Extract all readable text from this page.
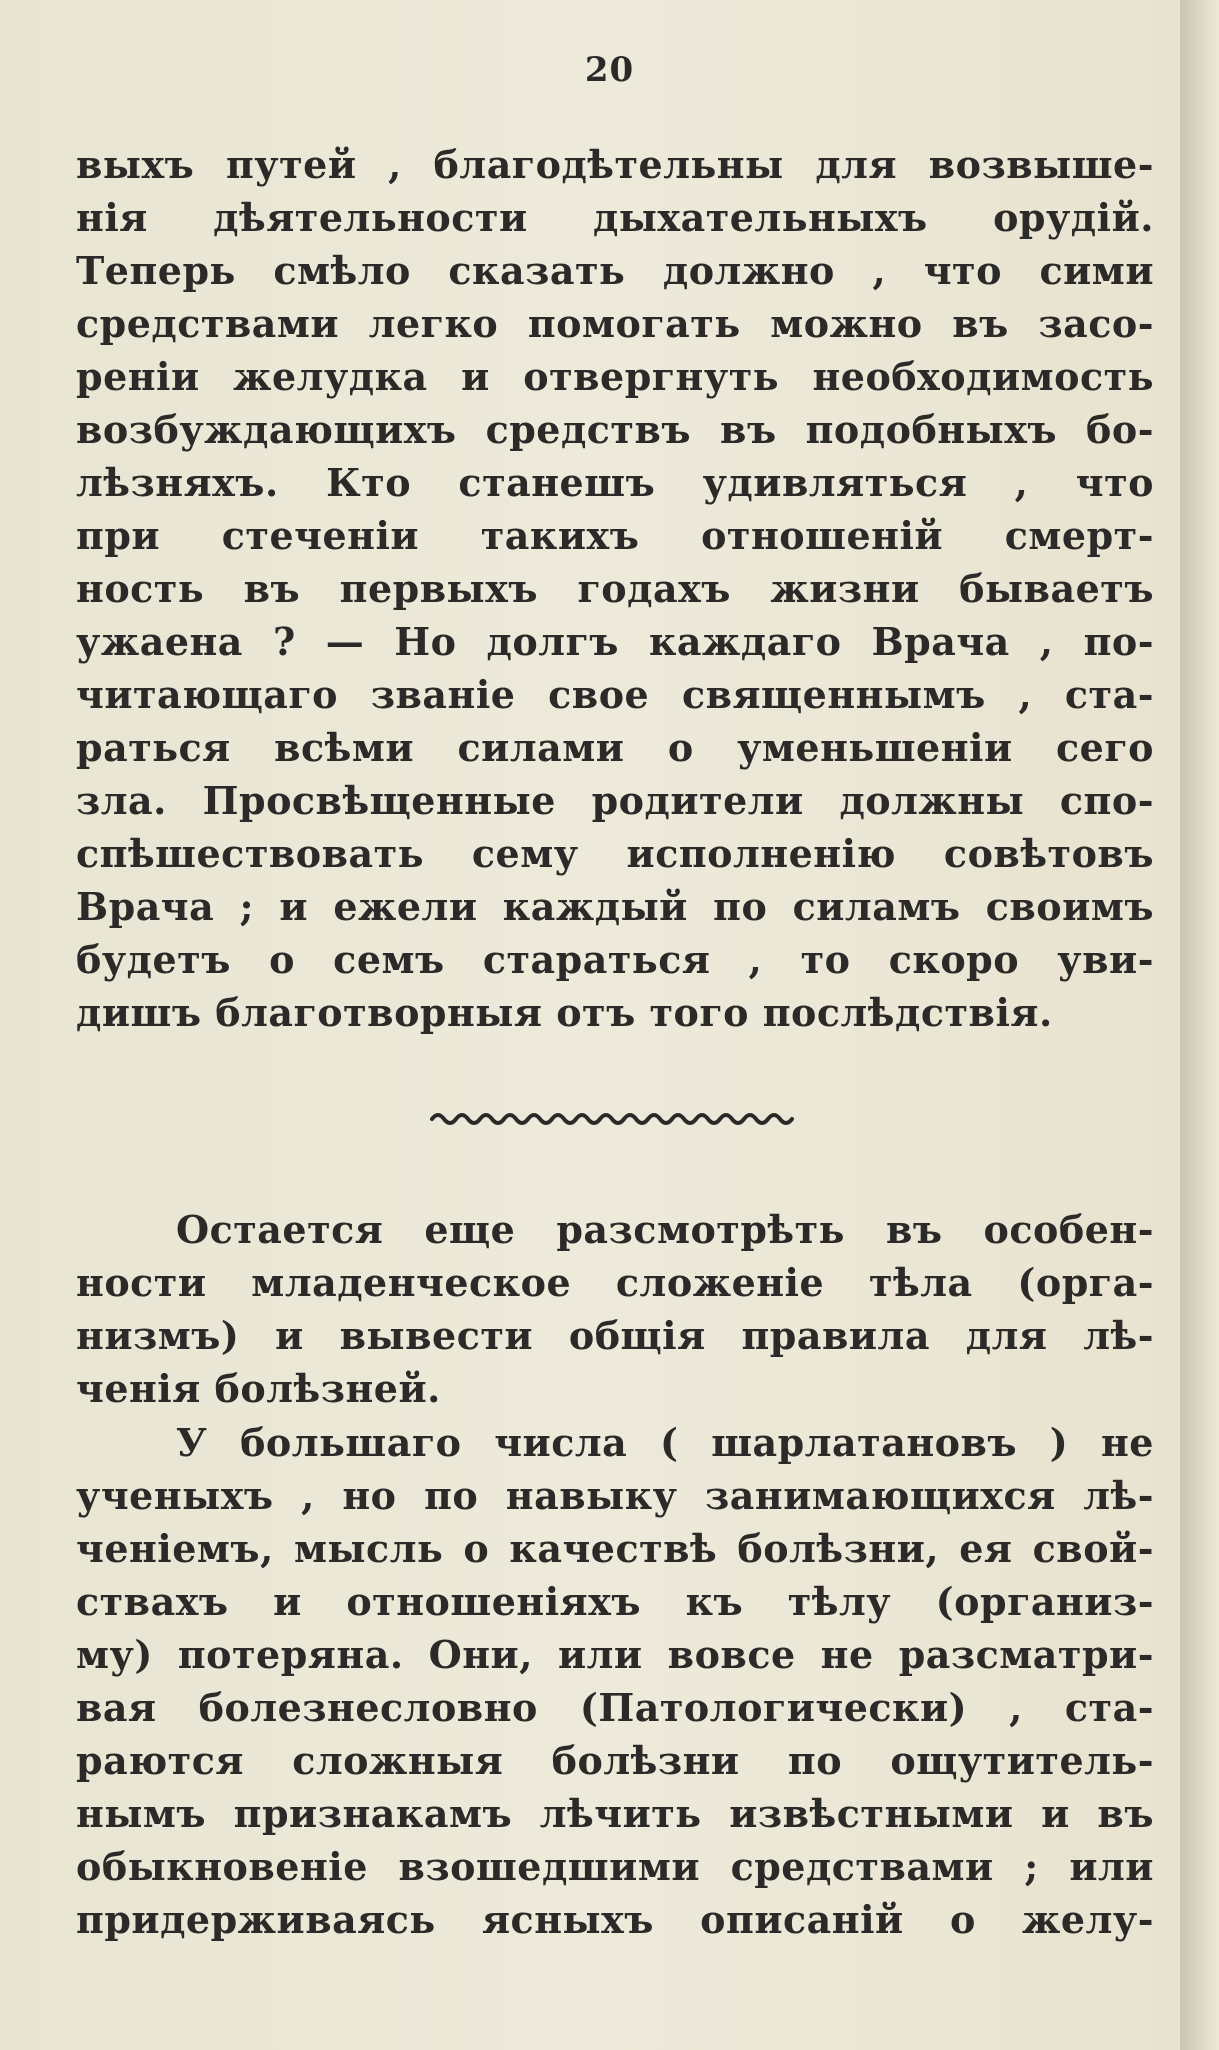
20
выхъ путей , благодѣтельны для возвыше-
нія дѣятельности дыхательныхъ орудій.
Теперь смѣло сказать должно , что сими
средствами легко помогать можно въ засо-
реніи желудка и отвергнуть необходимость
возбуждающихъ средствъ въ подобныхъ бо-
лѣзняхъ. Кто станешъ удивляться , что
при стеченіи такихъ отношеній смерт-
ность въ первыхъ годахъ жизни бываетъ
ужаена ? — Но долгъ каждаго Врача , по-
читающаго званіе свое священнымъ , ста-
раться всѣми силами о уменьшеніи сего
зла. Просвѣщенные родители должны спо-
спѣшествовать сему исполненію совѣтовъ
Врача ; и ежели каждый по силамъ своимъ
будетъ о семъ стараться , то скоро уви-
дишъ благотворныя отъ того послѣдствія.
Остается еще разсмотрѣть въ особен-
ности младенческое сложеніе тѣла (орга-
низмъ) и вывести общія правила для лѣ-
ченія болѣзней.
У большаго числа ( шарлатановъ ) не
ученыхъ , но по навыку занимающихся лѣ-
ченіемъ, мысль о качествѣ болѣзни, ея свой-
ствахъ и отношеніяхъ къ тѣлу (организ-
му) потеряна. Они, или вовсе не разсматри-
вая болезнесловно (Патологически) , ста-
раются сложныя болѣзни по ощутитель-
нымъ признакамъ лѣчить извѣстными и въ
обыкновеніе взошедшими средствами ; или
придерживаясь ясныхъ описаній о желу-
